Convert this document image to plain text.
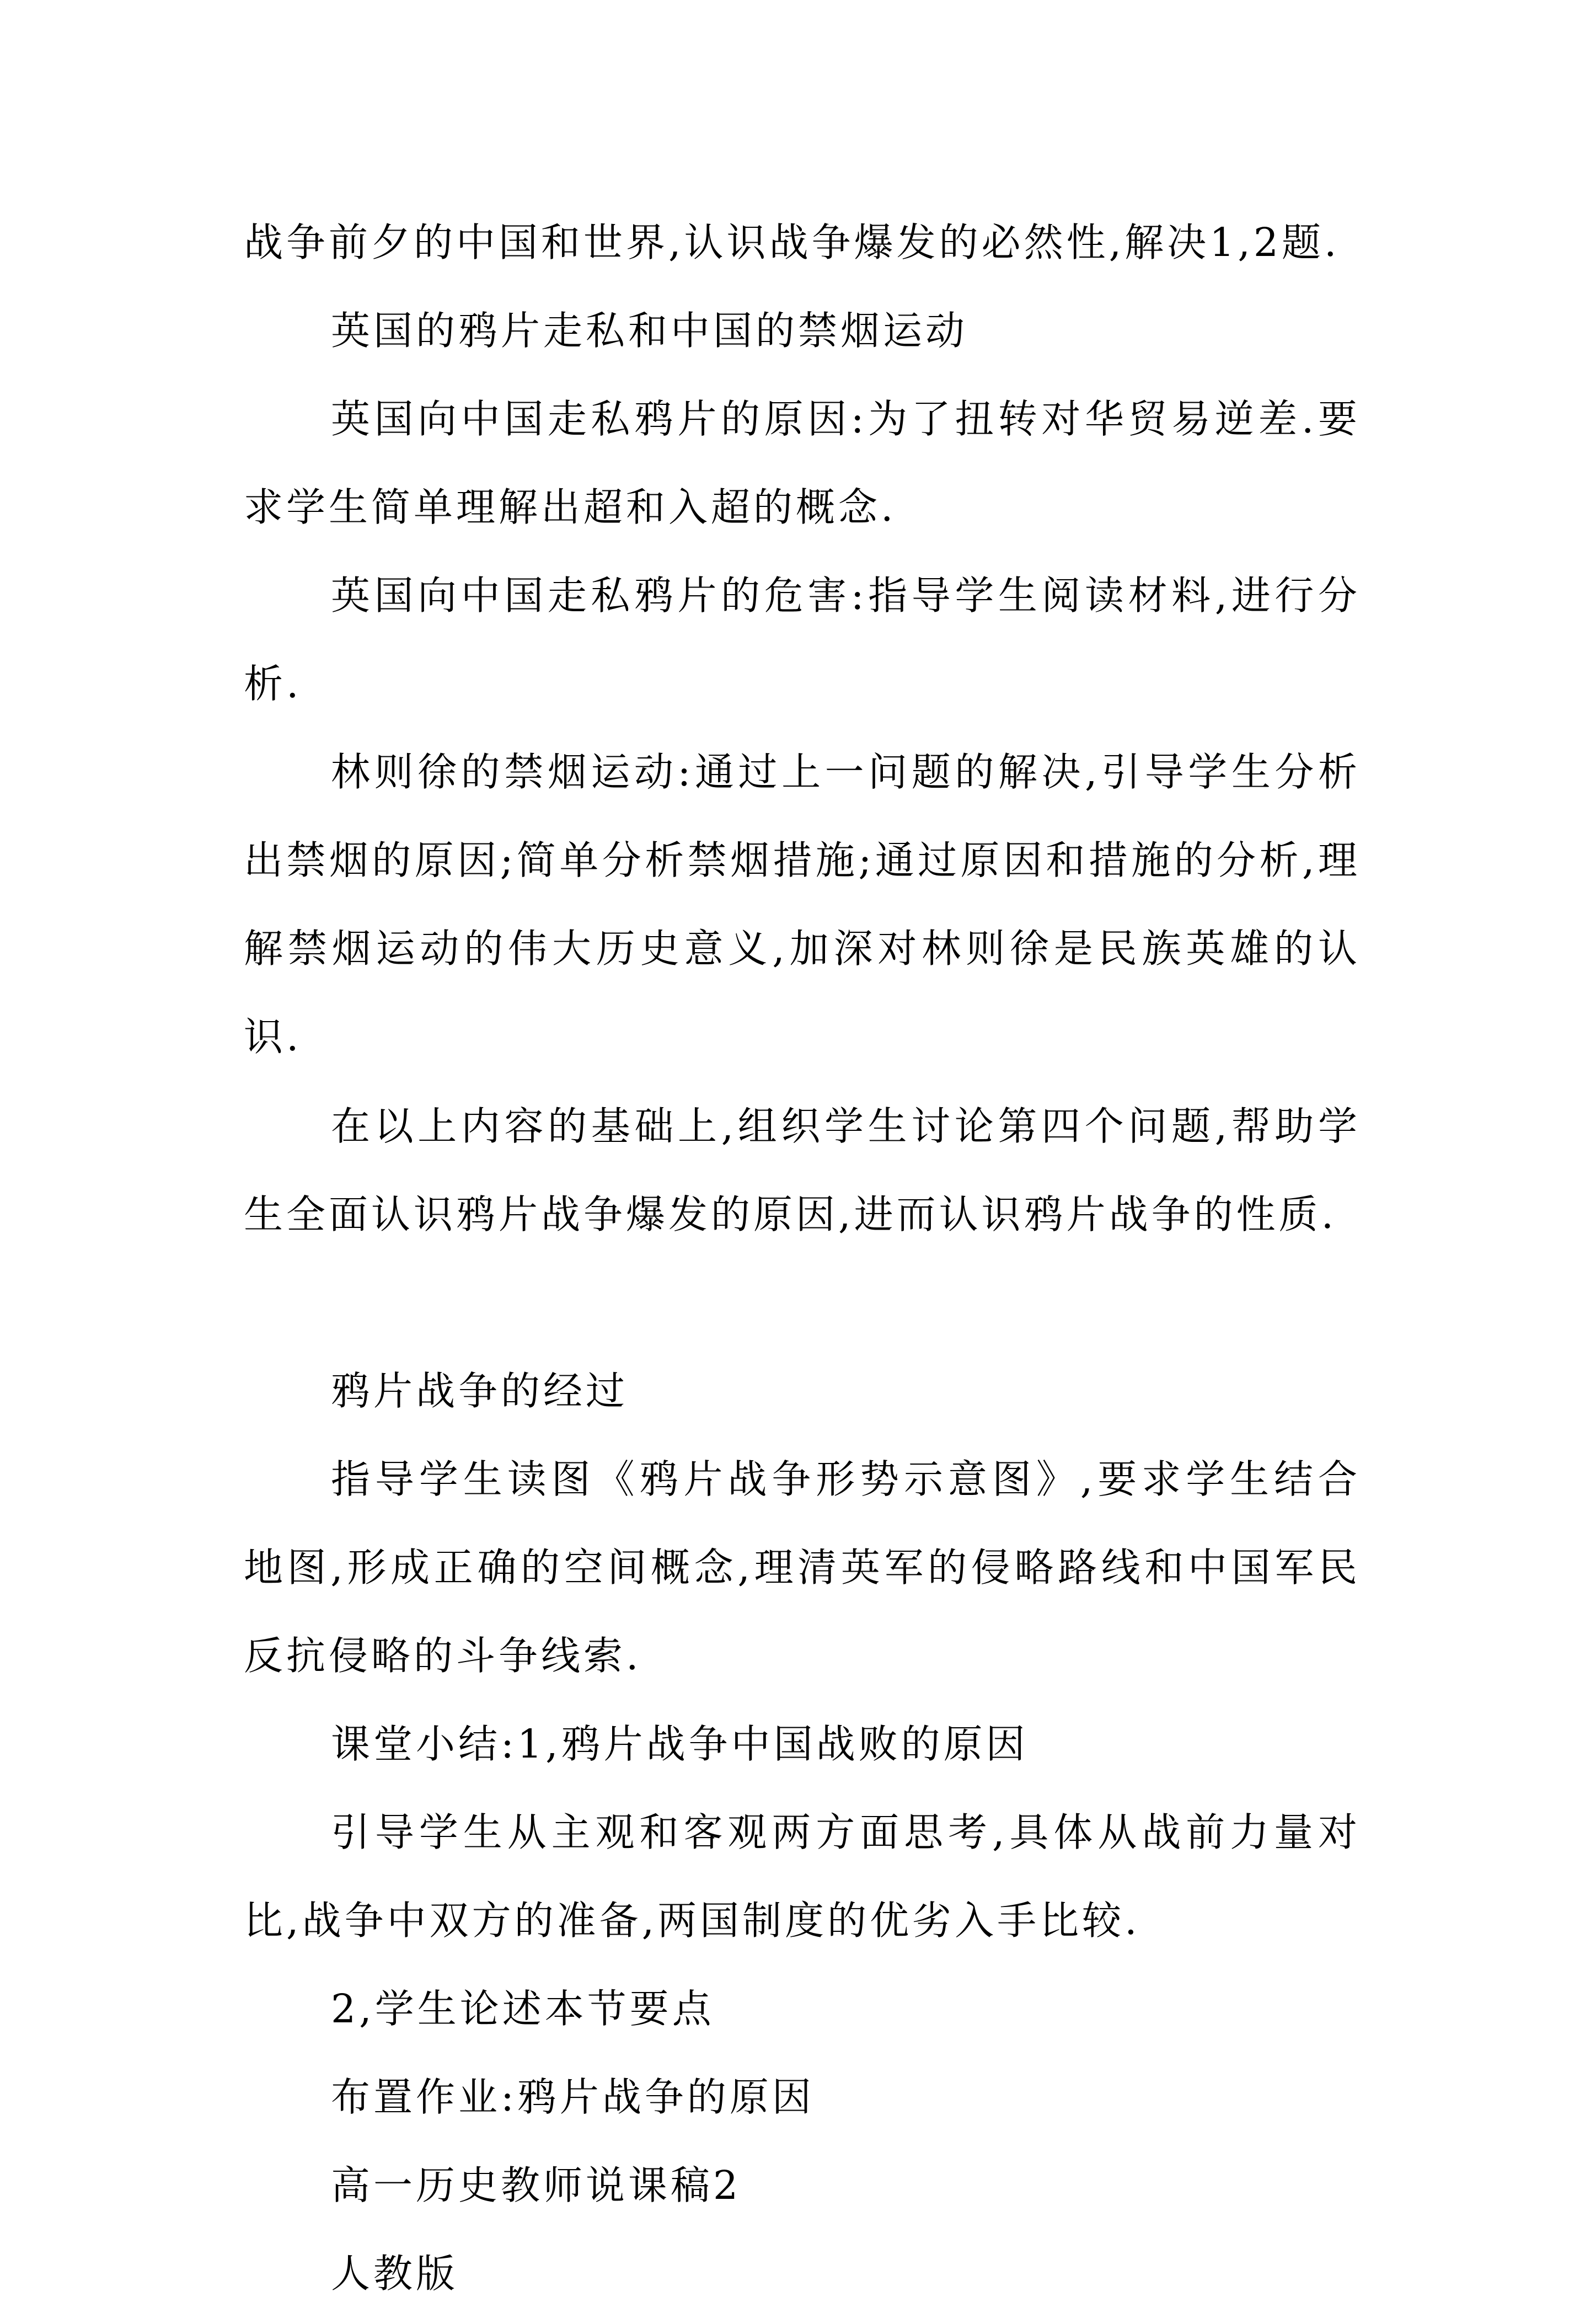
战争前夕的中国和世界,认识战争爆发的必然性,解决1,2题.

英国的鸦片走私和中国的禁烟运动

英国向中国走私鸦片的原因:为了扭转对华贸易逆差.要求学生简单理解出超和入超的概念.

英国向中国走私鸦片的危害:指导学生阅读材料,进行分析.

林则徐的禁烟运动:通过上一问题的解决,引导学生分析出禁烟的原因;简单分析禁烟措施;通过原因和措施的分析,理解禁烟运动的伟大历史意义,加深对林则徐是民族英雄的认识.

在以上内容的基础上,组织学生讨论第四个问题,帮助学生全面认识鸦片战争爆发的原因,进而认识鸦片战争的性质.

鸦片战争的经过

指导学生读图《鸦片战争形势示意图》,要求学生结合地图,形成正确的空间概念,理清英军的侵略路线和中国军民反抗侵略的斗争线索.

课堂小结:1,鸦片战争中国战败的原因

引导学生从主观和客观两方面思考,具体从战前力量对比,战争中双方的准备,两国制度的优劣入手比较.

2,学生论述本节要点

布置作业:鸦片战争的原因

高一历史教师说课稿2

人教版
